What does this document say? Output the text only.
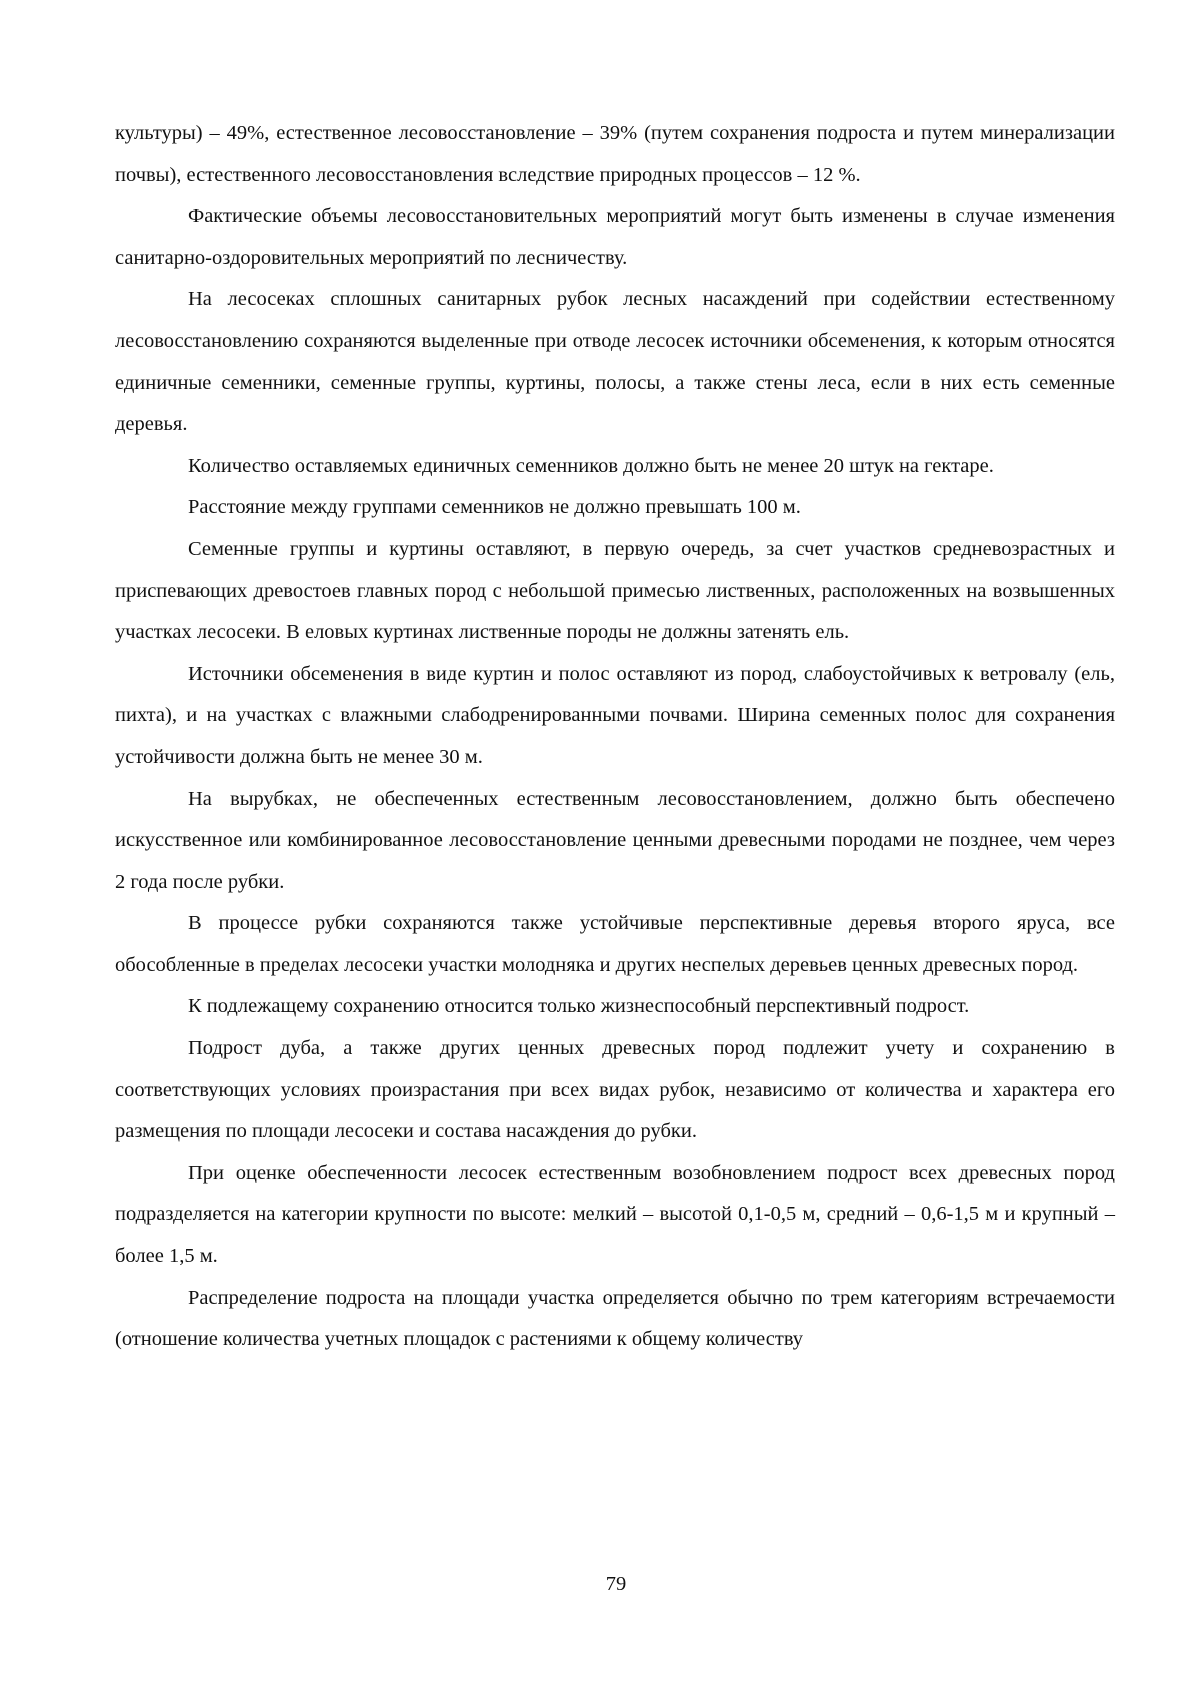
культуры) – 49%, естественное лесовосстановление – 39% (путем сохранения подроста и путем минерализации почвы), естественного лесовосстановления вследствие природных процессов – 12 %.

Фактические объемы лесовосстановительных мероприятий могут быть изменены в случае изменения санитарно-оздоровительных мероприятий по лесничеству.

На лесосеках сплошных санитарных рубок лесных насаждений при содействии естественному лесовосстановлению сохраняются выделенные при отводе лесосек источники обсеменения, к которым относятся единичные семенники, семенные группы, куртины, полосы, а также стены леса, если в них есть семенные деревья.

Количество оставляемых единичных семенников должно быть не менее 20 штук на гектаре.

Расстояние между группами семенников не должно превышать 100 м.

Семенные группы и куртины оставляют, в первую очередь, за счет участков средневозрастных и приспевающих древостоев главных пород с небольшой примесью лиственных, расположенных на возвышенных участках лесосеки. В еловых куртинах лиственные породы не должны затенять ель.

Источники обсеменения в виде куртин и полос оставляют из пород, слабоустойчивых к ветровалу (ель, пихта), и на участках с влажными слабодренированными почвами. Ширина семенных полос для сохранения устойчивости должна быть не менее 30 м.

На вырубках, не обеспеченных естественным лесовосстановлением, должно быть обеспечено искусственное или комбинированное лесовосстановление ценными древесными породами не позднее, чем через 2 года после рубки.

В процессе рубки сохраняются также устойчивые перспективные деревья второго яруса, все обособленные в пределах лесосеки участки молодняка и других неспелых деревьев ценных древесных пород.

К подлежащему сохранению относится только жизнеспособный перспективный подрост.

Подрост дуба, а также других ценных древесных пород подлежит учету и сохранению в соответствующих условиях произрастания при всех видах рубок, независимо от количества и характера его размещения по площади лесосеки и состава насаждения до рубки.

При оценке обеспеченности лесосек естественным возобновлением подрост всех древесных пород подразделяется на категории крупности по высоте: мелкий – высотой 0,1-0,5 м, средний – 0,6-1,5 м и крупный – более 1,5 м.

Распределение подроста на площади участка определяется обычно по трем категориям встречаемости (отношение количества учетных площадок с растениями к общему количеству

79
